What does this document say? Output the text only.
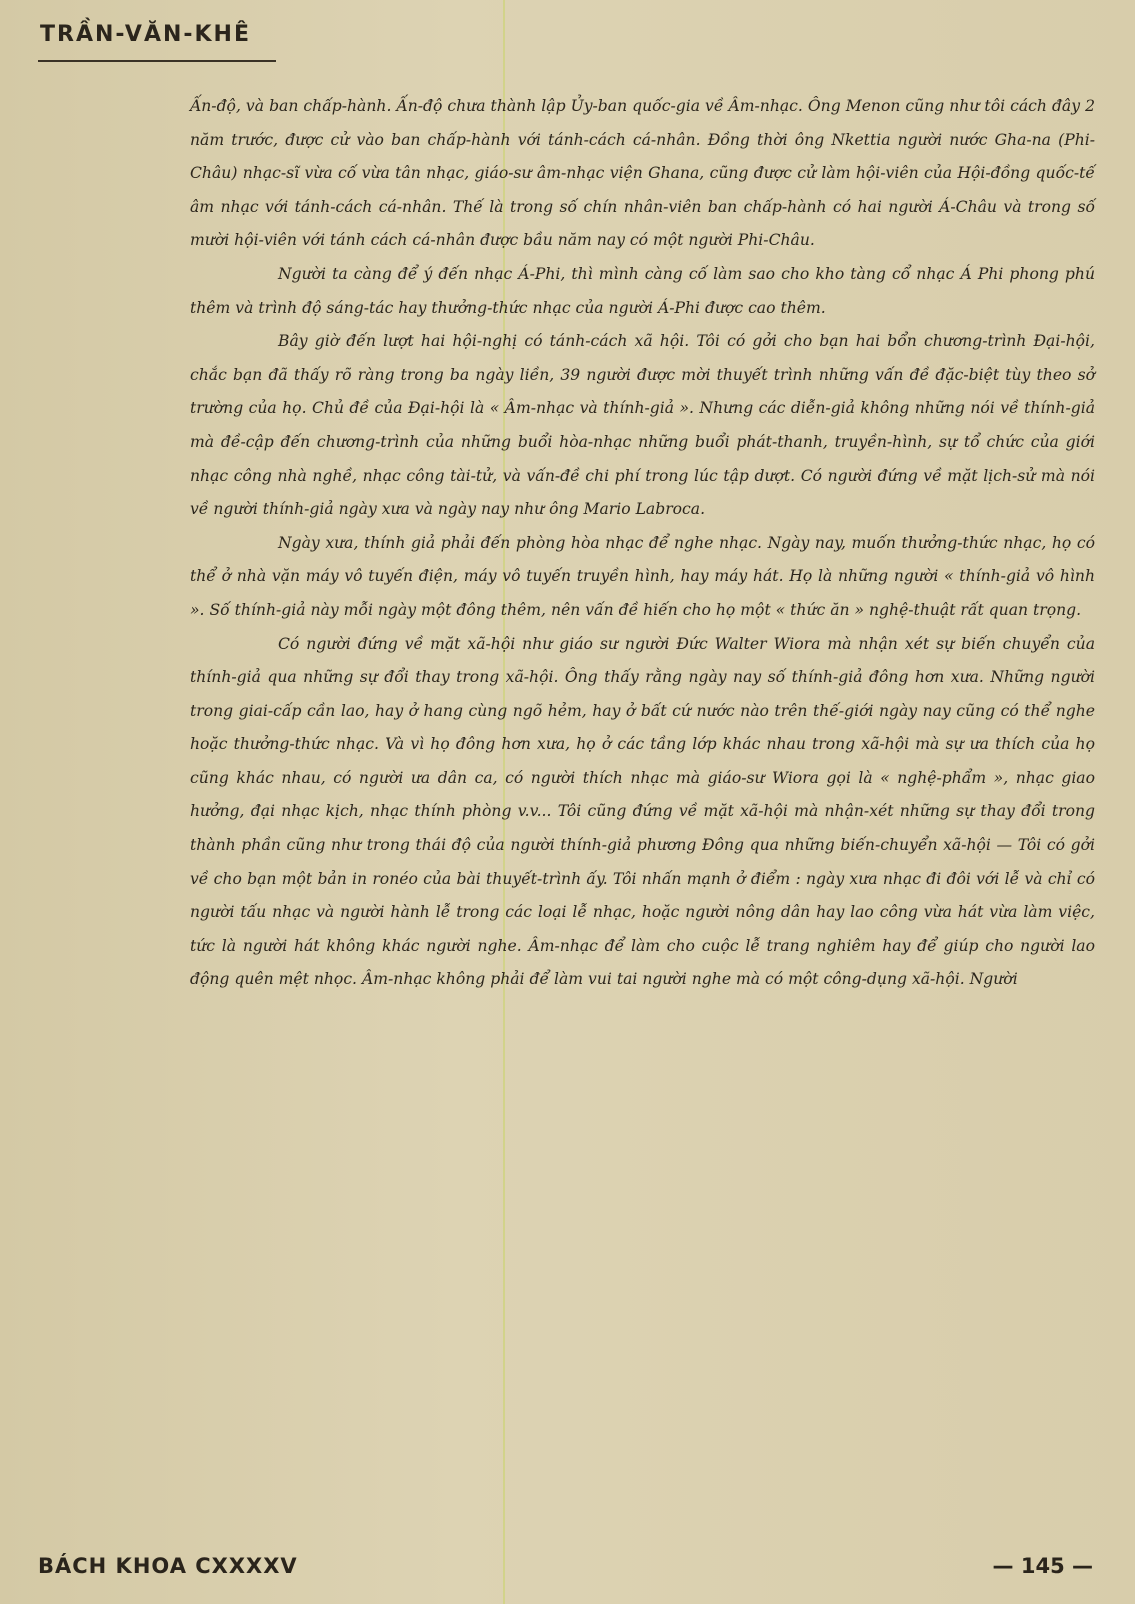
TRẦN-VĂN-KHÊ

Ấn-độ, và ban chấp-hành. Ấn-độ chưa thành lập Ủy-ban quốc-gia về Âm-nhạc. Ông Menon cũng như tôi cách đây 2 năm trước, được cử vào ban chấp-hành với tánh-cách cá-nhân. Đồng thời ông Nkettia người nước Gha-na (Phi-Châu) nhạc-sĩ vừa cố vừa tân nhạc, giáo-sư âm-nhạc viện Ghana, cũng được cử làm hội-viên của Hội-đồng quốc-tế âm nhạc với tánh-cách cá-nhân. Thế là trong số chín nhân-viên ban chấp-hành có hai người Á-Châu và trong số mười hội-viên với tánh cách cá-nhân được bầu năm nay có một người Phi-Châu.

Người ta càng để ý đến nhạc Á-Phi, thì mình càng cố làm sao cho kho tàng cổ nhạc Á Phi phong phú thêm và trình độ sáng-tác hay thưởng-thức nhạc của người Á-Phi được cao thêm.

Bây giờ đến lượt hai hội-nghị có tánh-cách xã hội. Tôi có gởi cho bạn hai bổn chương-trình Đại-hội, chắc bạn đã thấy rõ ràng trong ba ngày liền, 39 người được mời thuyết trình những vấn đề đặc-biệt tùy theo sở trường của họ. Chủ đề của Đại-hội là « Âm-nhạc và thính-giả ». Nhưng các diễn-giả không những nói về thính-giả mà đề-cập đến chương-trình của những buổi hòa-nhạc những buổi phát-thanh, truyền-hình, sự tổ chức của giới nhạc công nhà nghề, nhạc công tài-tử, và vấn-đề chi phí trong lúc tập dượt. Có người đứng về mặt lịch-sử mà nói về người thính-giả ngày xưa và ngày nay như ông Mario Labroca.

Ngày xưa, thính giả phải đến phòng hòa nhạc để nghe nhạc. Ngày nay, muốn thưởng-thức nhạc, họ có thể ở nhà vặn máy vô tuyến điện, máy vô tuyến truyền hình, hay máy hát. Họ là những người « thính-giả vô hình ». Số thính-giả này mỗi ngày một đông thêm, nên vấn đề hiến cho họ một « thức ăn » nghệ-thuật rất quan trọng.

Có người đứng về mặt xã-hội như giáo sư người Đức Walter Wiora mà nhận xét sự biến chuyển của thính-giả qua những sự đổi thay trong xã-hội. Ông thấy rằng ngày nay số thính-giả đông hơn xưa. Những người trong giai-cấp cần lao, hay ở hang cùng ngõ hẻm, hay ở bất cứ nước nào trên thế-giới ngày nay cũng có thể nghe hoặc thưởng-thức nhạc. Và vì họ đông hơn xưa, họ ở các tầng lớp khác nhau trong xã-hội mà sự ưa thích của họ cũng khác nhau, có người ưa dân ca, có người thích nhạc mà giáo-sư Wiora gọi là « nghệ-phẩm », nhạc giao hưởng, đại nhạc kịch, nhạc thính phòng v.v... Tôi cũng đứng về mặt xã-hội mà nhận-xét những sự thay đổi trong thành phần cũng như trong thái độ của người thính-giả phương Đông qua những biến-chuyển xã-hội — Tôi có gởi về cho bạn một bản in ronéo của bài thuyết-trình ấy. Tôi nhấn mạnh ở điểm : ngày xưa nhạc đi đôi với lễ và chỉ có người tấu nhạc và người hành lễ trong các loại lễ nhạc, hoặc người nông dân hay lao công vừa hát vừa làm việc, tức là người hát không khác người nghe. Âm-nhạc để làm cho cuộc lễ trang nghiêm hay để giúp cho người lao động quên mệt nhọc. Âm-nhạc không phải để làm vui tai người nghe mà có một công-dụng xã-hội. Người

BÁCH KHOA CXXXXV	— 145 —
